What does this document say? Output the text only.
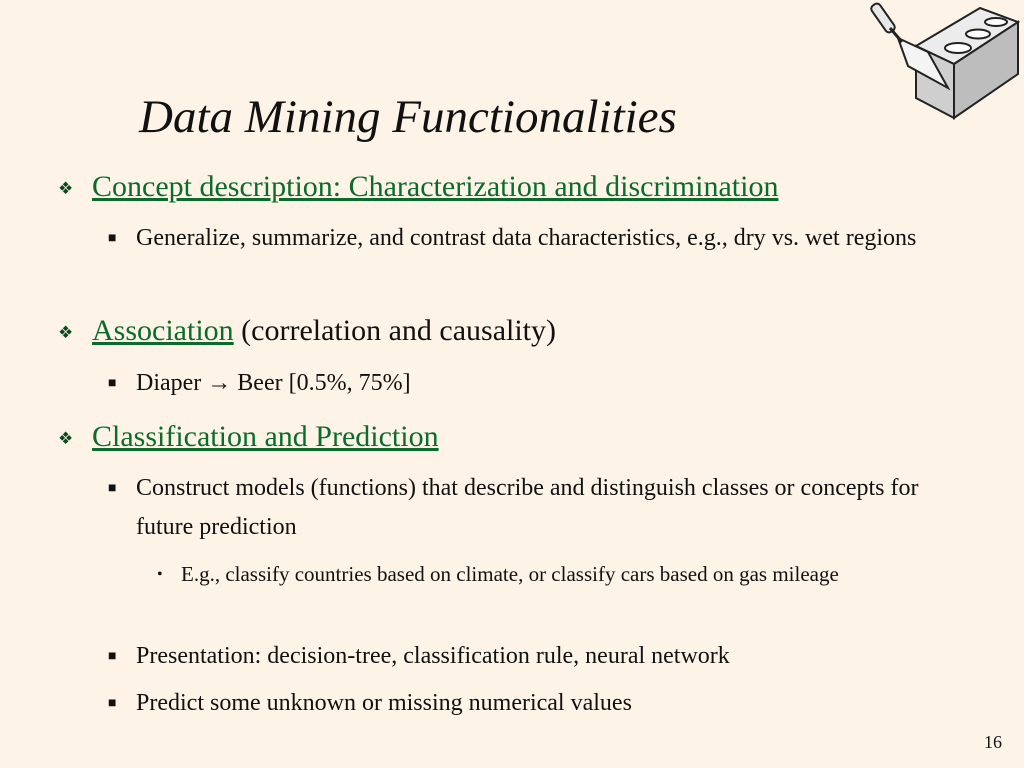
Data Mining Functionalities
❖ Concept description: Characterization and discrimination
■ Generalize, summarize, and contrast data characteristics, e.g., dry vs. wet regions
❖ Association (correlation and causality)
■ Diaper → Beer [0.5%, 75%]
❖ Classification and Prediction
■ Construct models (functions) that describe and distinguish classes or concepts for future prediction
• E.g., classify countries based on climate, or classify cars based on gas mileage
■ Presentation: decision-tree, classification rule, neural network
■ Predict some unknown or missing numerical values
16
